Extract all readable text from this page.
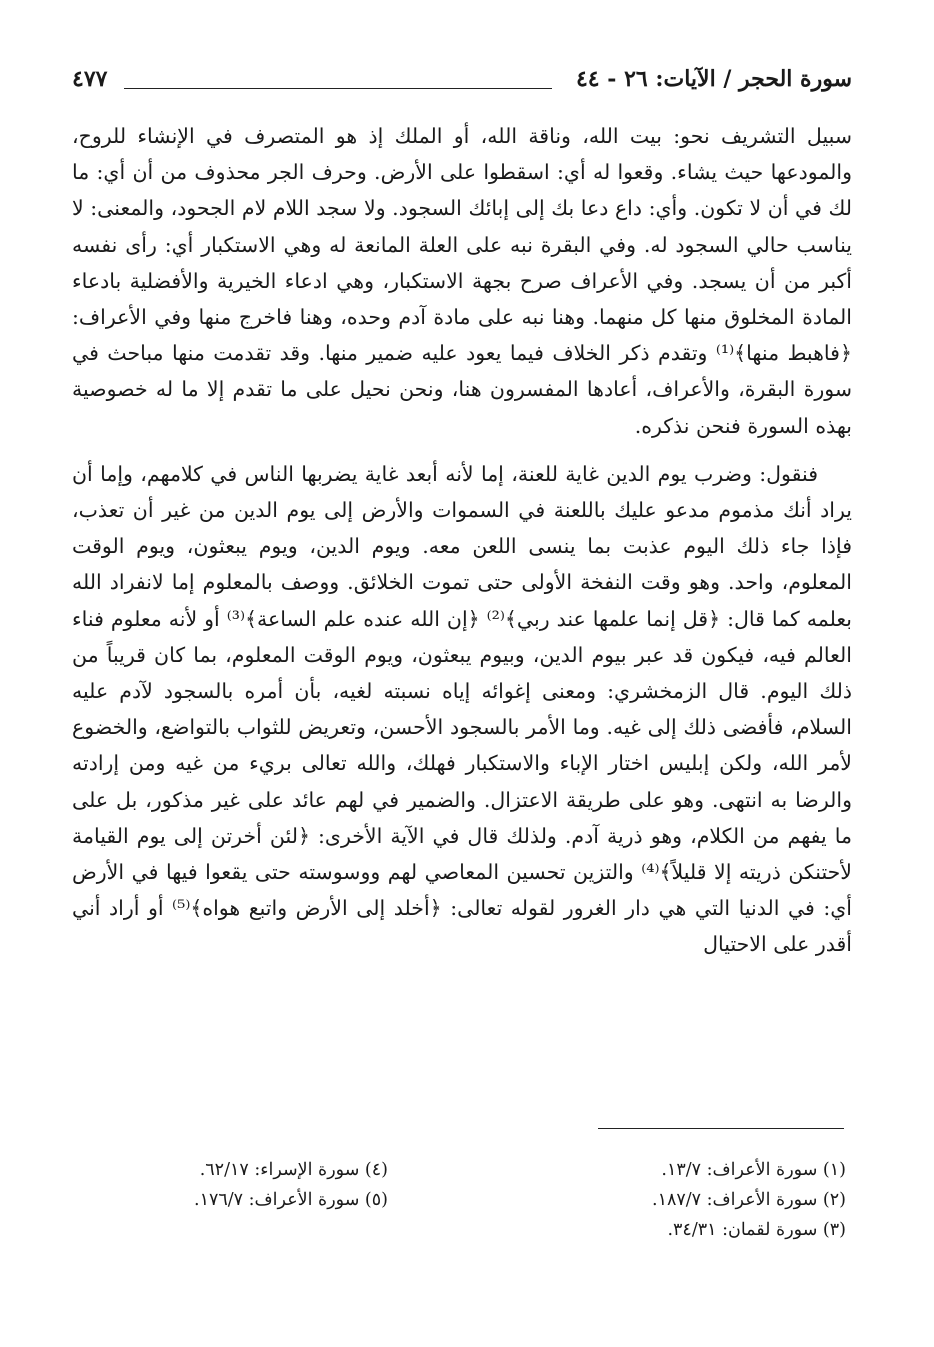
٤٧٧	سورة الحجر / الآيات: ٢٦ - ٤٤

سبيل التشريف نحو: بيت الله، وناقة الله، أو الملك إذ هو المتصرف في الإنشاء للروح، والمودعها حيث يشاء. وقعوا له أي: اسقطوا على الأرض. وحرف الجر محذوف من أن أي: ما لك في أن لا تكون. وأي: داع دعا بك إلى إبائك السجود. ولا سجد اللام لام الجحود، والمعنى: لا يناسب حالي السجود له. وفي البقرة نبه على العلة المانعة له وهي الاستكبار أي: رأى نفسه أكبر من أن يسجد. وفي الأعراف صرح بجهة الاستكبار، وهي ادعاء الخيرية والأفضلية بادعاء المادة المخلوق منها كل منهما. وهنا نبه على مادة آدم وحده، وهنا فاخرج منها وفي الأعراف: ﴿فاهبط منها﴾⁽¹⁾ وتقدم ذكر الخلاف فيما يعود عليه ضمير منها. وقد تقدمت منها مباحث في سورة البقرة، والأعراف، أعادها المفسرون هنا، ونحن نحيل على ما تقدم إلا ما له خصوصية بهذه السورة فنحن نذكره.

فنقول: وضرب يوم الدين غاية للعنة، إما لأنه أبعد غاية يضربها الناس في كلامهم، وإما أن يراد أنك مذموم مدعو عليك باللعنة في السموات والأرض إلى يوم الدين من غير أن تعذب، فإذا جاء ذلك اليوم عذبت بما ينسى اللعن معه. ويوم الدين، ويوم يبعثون، ويوم الوقت المعلوم، واحد. وهو وقت النفخة الأولى حتى تموت الخلائق. ووصف بالمعلوم إما لانفراد الله بعلمه كما قال: ﴿قل إنما علمها عند ربي﴾⁽²⁾ ﴿إن الله عنده علم الساعة﴾⁽³⁾ أو لأنه معلوم فناء العالم فيه، فيكون قد عبر بيوم الدين، وبيوم يبعثون، ويوم الوقت المعلوم، بما كان قريباً من ذلك اليوم. قال الزمخشري: ومعنى إغوائه إياه نسبته لغيه، بأن أمره بالسجود لآدم عليه السلام، فأفضى ذلك إلى غيه. وما الأمر بالسجود الأحسن، وتعريض للثواب بالتواضع، والخضوع لأمر الله، ولكن إبليس اختار الإباء والاستكبار فهلك، والله تعالى بريء من غيه ومن إرادته والرضا به انتهى. وهو على طريقة الاعتزال. والضمير في لهم عائد على غير مذكور، بل على ما يفهم من الكلام، وهو ذرية آدم. ولذلك قال في الآية الأخرى: ﴿لئن أخرتن إلى يوم القيامة لأحتنكن ذريته إلا قليلاً﴾⁽⁴⁾ والتزين تحسين المعاصي لهم ووسوسته حتى يقعوا فيها في الأرض أي: في الدنيا التي هي دار الغرور لقوله تعالى: ﴿أخلد إلى الأرض واتبع هواه﴾⁽⁵⁾ أو أراد أني أقدر على الاحتيال

(١) سورة الأعراف: ١٣/٧.
(٢) سورة الأعراف: ١٨٧/٧.
(٣) سورة لقمان: ٣٤/٣١.
(٤) سورة الإسراء: ٦٢/١٧.
(٥) سورة الأعراف: ١٧٦/٧.
